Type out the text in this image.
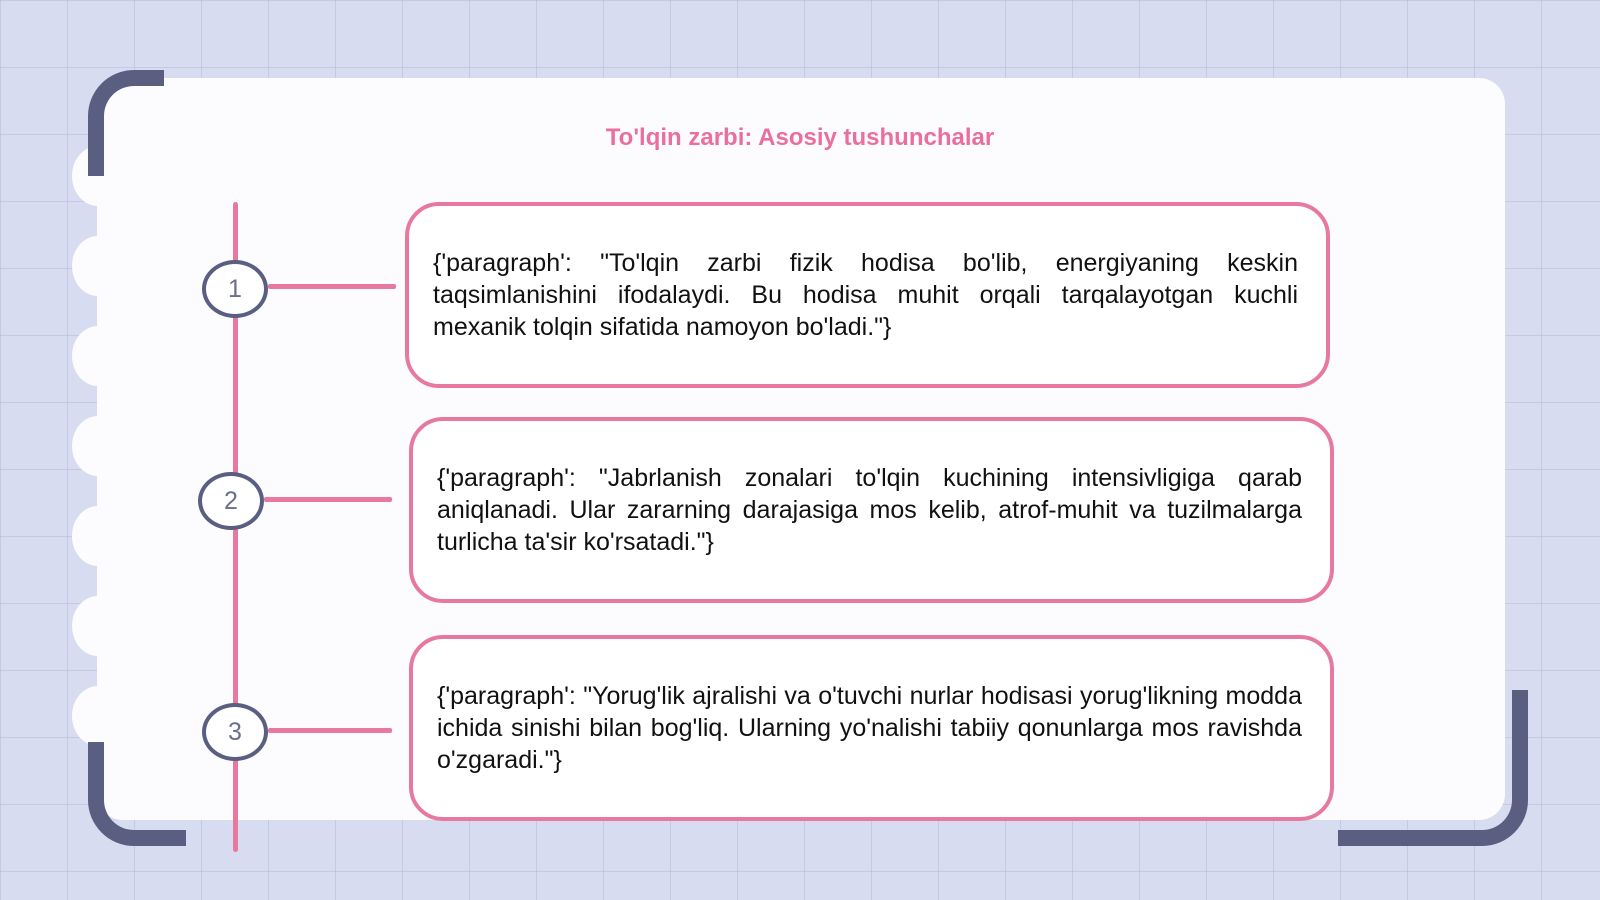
To'lqin zarbi: Asosiy tushunchalar
1
2
3

{'paragraph': "To'lqin zarbi fizik hodisa bo'lib, energiyaning keskin taqsimlanishini ifodalaydi. Bu hodisa muhit orqali tarqalayotgan kuchli mexanik tolqin sifatida namoyon bo'ladi."}

{'paragraph': "Jabrlanish zonalari to'lqin kuchining intensivligiga qarab aniqlanadi. Ular zararning darajasiga mos kelib, atrof-muhit va tuzilmalarga turlicha ta'sir ko'rsatadi."}

{'paragraph': "Yorug'lik ajralishi va o'tuvchi nurlar hodisasi yorug'likning modda ichida sinishi bilan bog'liq. Ularning yo'nalishi tabiiy qonunlarga mos ravishda o'zgaradi."}
